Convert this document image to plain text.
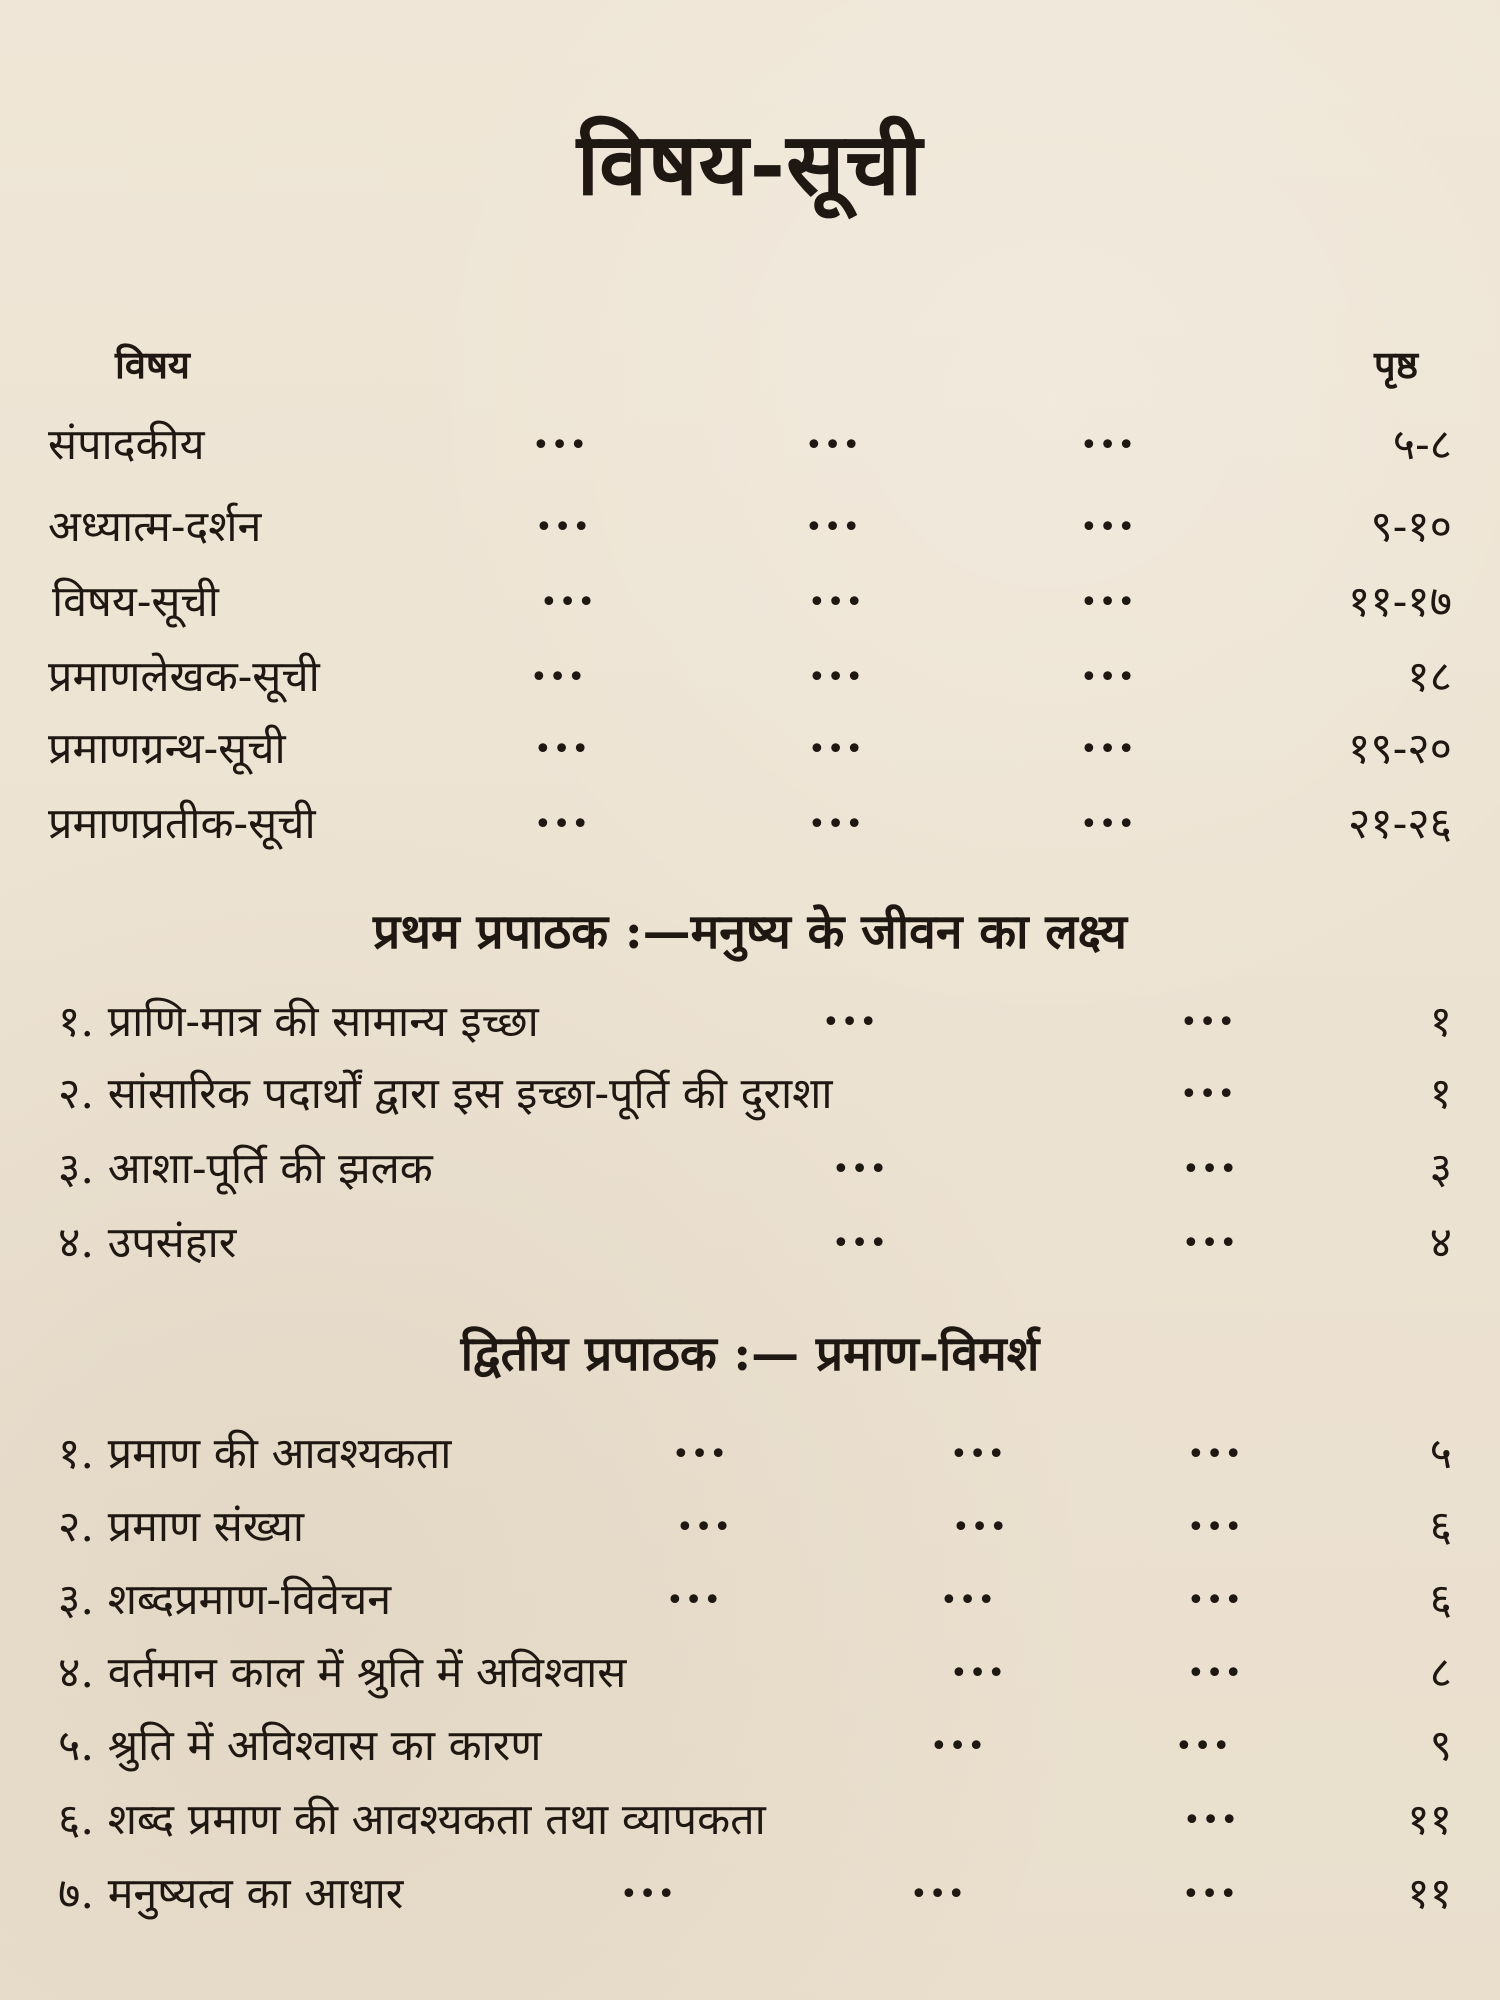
विषय-सूची
विषय	पृष्ठ
संपादकीय	•••	•••	•••	५-८
अध्यात्म-दर्शन	•••	•••	•••	९-१०
विषय-सूची	•••	•••	•••	११-१७
प्रमाणलेखक-सूची	•••	•••	•••	१८
प्रमाणग्रन्थ-सूची	•••	•••	•••	१९-२०
प्रमाणप्रतीक-सूची	•••	•••	•••	२१-२६
प्रथम प्रपाठक :—मनुष्य के जीवन का लक्ष्य
१. प्राणि-मात्र की सामान्य इच्छा	•••	•••	१
२. सांसारिक पदार्थों द्वारा इस इच्छा-पूर्ति की दुराशा	•••	१
३. आशा-पूर्ति की झलक	•••	•••	३
४. उपसंहार	•••	•••	४
द्वितीय प्रपाठक :— प्रमाण-विमर्श
१. प्रमाण की आवश्यकता	•••	•••	•••	५
२. प्रमाण संख्या	•••	•••	•••	६
३. शब्दप्रमाण-विवेचन	•••	•••	•••	६
४. वर्तमान काल में श्रुति में अविश्वास	•••	•••	८
५. श्रुति में अविश्वास का कारण	•••	•••	९
६. शब्द प्रमाण की आवश्यकता तथा व्यापकता	•••	११
७. मनुष्यत्व का आधार	•••	•••	•••	११
